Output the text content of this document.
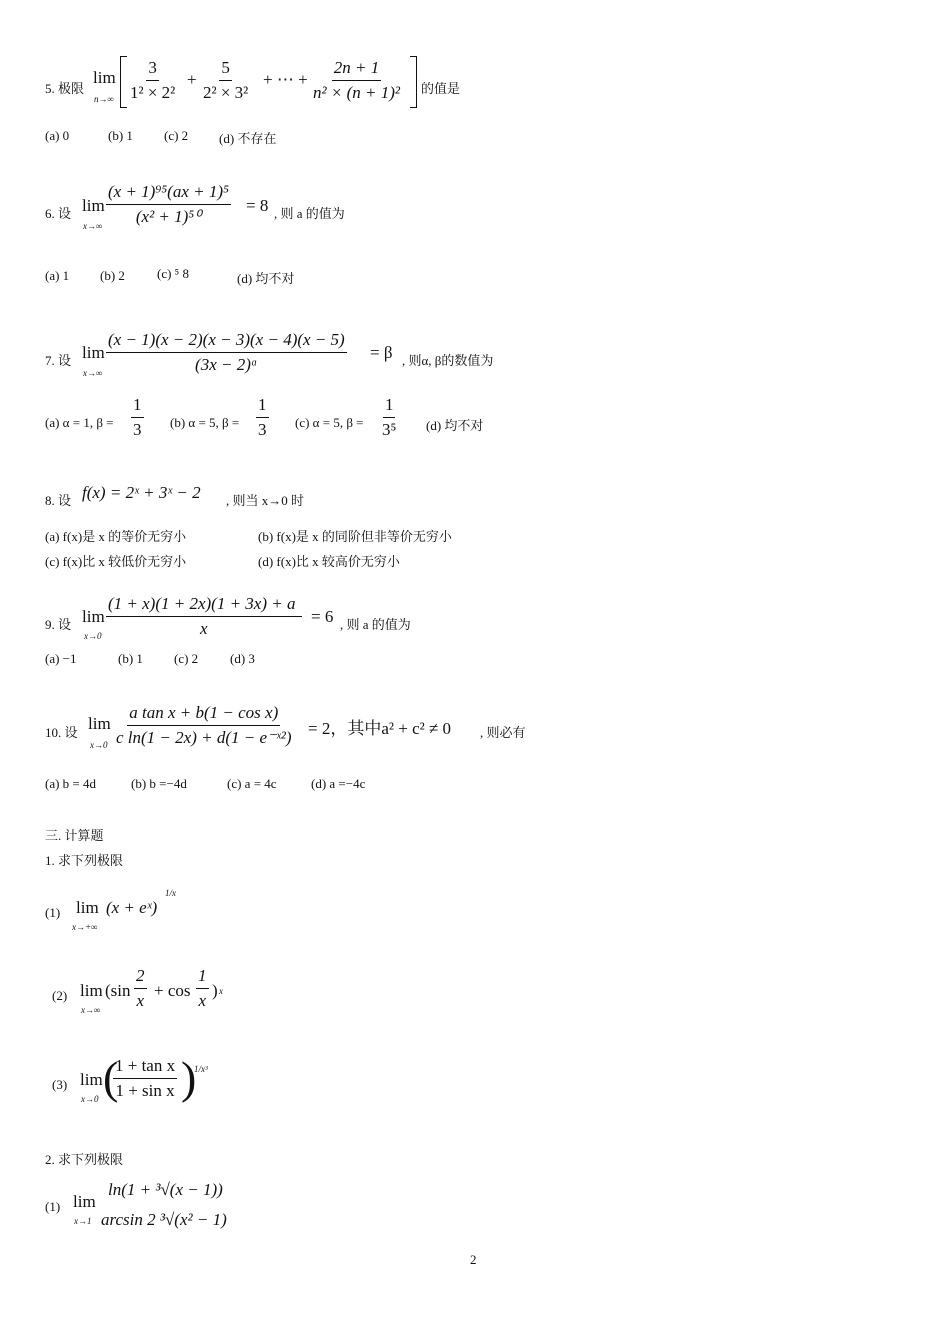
5. 极限
lim
$n\to\infty \frac{3}{\text{1² × 2²}} + \frac{5}{\text{2² × 3²}}$ + ⋯ + $\frac{2n + 1}{\text{n² × (n + 1)²}}$ 的值是
(a) 0	(b) 1 (c) 2 (d) 不存在
6. 设 lim
$x\to\infty \frac{\text{(x + 1)⁹⁵(ax + 1)⁵}}{\text{(x² + 1)⁵⁰}} = 8$ , 则 a 的值为
(a) 1 (b) 2 (c) ⁵ 8	(d) 均不对
7. 设 lim
$x\to\infty \frac{(x - 1)(x - 2)(x - 3)(x - 4)(x - 5)}{\text{(3x − 2)ᵅ}} = \beta$ , 则α, β的数值为
(a) α = 1, $\beta = \frac{1}{3} (b) \alpha = 5$, $\beta = \frac{1}{3} (c) \alpha = 5$, $\beta = \frac{1}{\text{3⁵}} (d)$ 均不对
8. 设 f(x) = 2ˣ + 3ˣ − 2 , 则当 x→0 时
(a) f(x)是 x 的等价无穷小	(b) f(x)是 x 的同阶但非等价无穷小
(c) f(x)比 x 较低价无穷小	(d) f(x)比 x 较高价无穷小
9. 设 lim
$x\to 0 \frac{(1 + x)(1 + 2x)(1 + 3x) + a}{x} = 6$ , 则 a 的值为
(a) −1	(b) 1 (c) 2 (d) 3
10. 设 lim
$x\to 0 \frac{\text{a tan x + b(1 − cos x)}}{\text{c ln(1 − 2x) + d(1 − e⁻ˣ²)}} = 2$，其中a² + c² ≠ 0 , 则必有
(a) b = 4d	(b) b =−4d	(c) a = 4c	(d) a =−4c
三. 计算题
1. 求下列极限
(1) lim
x→+∞
(x + eˣ)
1/x
(2) lim
x→∞
($\sin \frac{2}{x} + \cos \frac{1}{x}$ ) x
(3) lim
x→0 (
$\frac{\text{1 + tan x}}{\text{1 + sin x}}$ )
1/x³
2. 求下列极限
(1) lim
x→1
ln(1 + ³√(x − 1))
arcsin 2 ³√(x² − 1)
2
